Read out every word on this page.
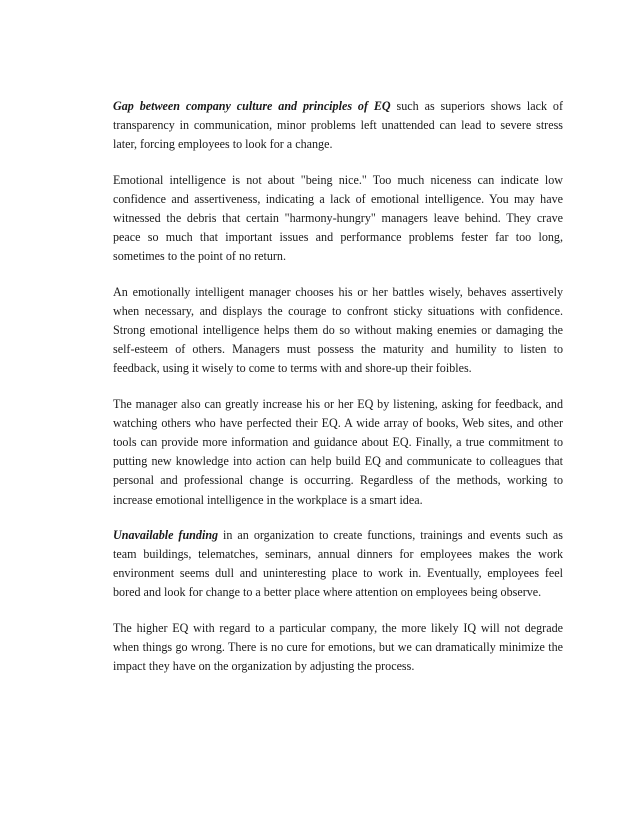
Gap between company culture and principles of EQ such as superiors shows lack of transparency in communication, minor problems left unattended can lead to severe stress later, forcing employees to look for a change.

Emotional intelligence is not about "being nice." Too much niceness can indicate low confidence and assertiveness, indicating a lack of emotional intelligence. You may have witnessed the debris that certain "harmony-hungry" managers leave behind. They crave peace so much that important issues and performance problems fester far too long, sometimes to the point of no return.

An emotionally intelligent manager chooses his or her battles wisely, behaves assertively when necessary, and displays the courage to confront sticky situations with confidence. Strong emotional intelligence helps them do so without making enemies or damaging the self-esteem of others. Managers must possess the maturity and humility to listen to feedback, using it wisely to come to terms with and shore-up their foibles.

The manager also can greatly increase his or her EQ by listening, asking for feedback, and watching others who have perfected their EQ. A wide array of books, Web sites, and other tools can provide more information and guidance about EQ. Finally, a true commitment to putting new knowledge into action can help build EQ and communicate to colleagues that personal and professional change is occurring. Regardless of the methods, working to increase emotional intelligence in the workplace is a smart idea.

Unavailable funding in an organization to create functions, trainings and events such as team buildings, telematches, seminars, annual dinners for employees makes the work environment seems dull and uninteresting place to work in. Eventually, employees feel bored and look for change to a better place where attention on employees being observe.

The higher EQ with regard to a particular company, the more likely IQ will not degrade when things go wrong. There is no cure for emotions, but we can dramatically minimize the impact they have on the organization by adjusting the process.
